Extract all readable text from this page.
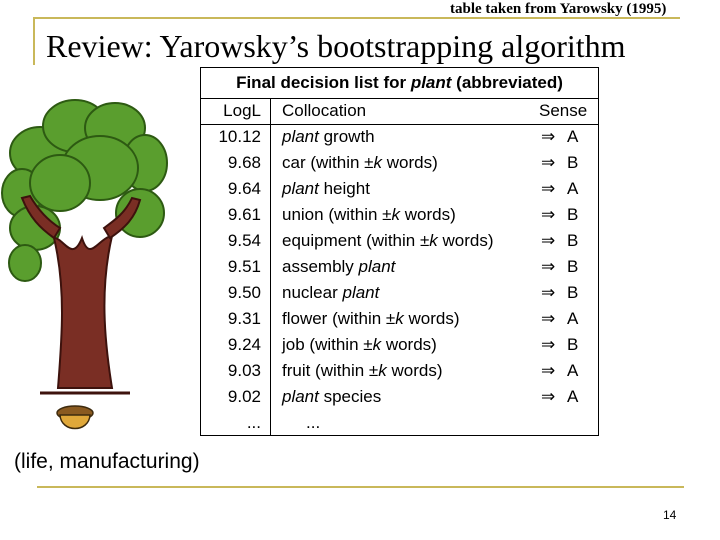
table taken from Yarowsky (1995)
Review: Yarowsky’s bootstrapping algorithm
Final decision list for plant (abbreviated)
LogL Collocation	Sense
10.12 plant growth	⇒ A
9.68 car (within ±k words)	⇒ B
9.64 plant height	⇒ A
9.61 union (within ±k words)	⇒ B
9.54 equipment (within ±k words)	⇒ B
9.51 assembly plant	⇒ B
9.50 nuclear plant	⇒ B
9.31 flower (within ±k words)	⇒ A
9.24 job (within ±k words)	⇒ B
9.03 fruit (within ±k words)	⇒ A
9.02 plant species	⇒ A
...	...
(life, manufacturing)
14
